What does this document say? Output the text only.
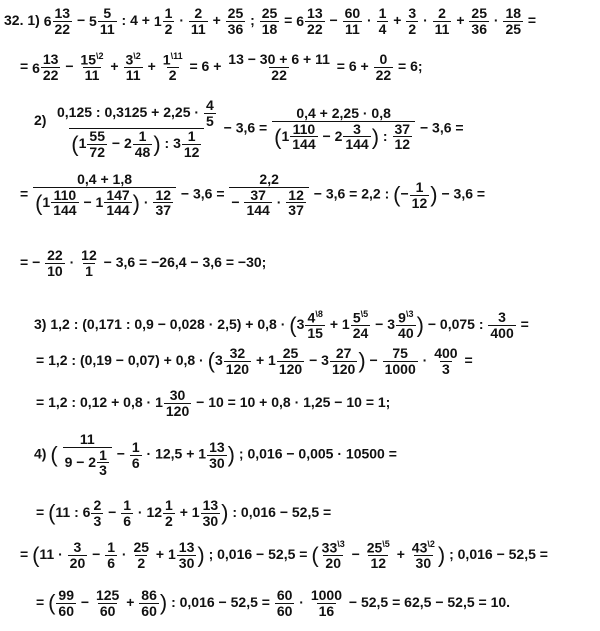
32. 1) 6
13
22
− 5
5
11
: 4 + 1
1
2
· $\frac{2}{11} + \frac{25}{36}$ ; $\frac{25}{18} = 6$
13
22
− $\frac{60}{11} \cdot \frac{1}{4} + \frac{3}{2} \cdot \frac{2}{11} + \frac{25}{36} \cdot \frac{18}{25}$ =
= 6
13
22
− $\frac{15^{\backslash 2}}{11} + \frac{3^{\backslash 2}}{11} + \frac{1^{\backslash 11}}{2} = 6 + \frac{13 - 30 + 6 + 11}{22} = 6 + \frac{0}{22} = 6$;
$2) \frac{0,125 : 0,3125 + 2,25 \cdot \frac{4}{5}}{(1 \frac{55}{72} - 2 \frac{1}{48} ) : 3 \frac{1}{12}} - 3,6 = \frac{0,4 + 2,25 \cdot 0,8}{(1 \frac{110}{144} - 2 \frac{3}{144} ) : \frac{37}{12}} - 3,6$ =
= $\frac{0,4 + 1,8}{(1 \frac{110}{144} - 1 \frac{147}{144} ) \cdot \frac{12}{37}} - 3,6 = \frac{2,2}{- \frac{37}{144} \cdot \frac{12}{37}} - 3,6 = 2,2$ : (− $\frac{1}{12}$ ) − 3,6 =
= − $\frac{22}{10} \cdot \frac{12}{1} - 3,6 = -26,4 - 3,6 = -30$;
3) 1,2 : (0,171 : $0,9 - 0,028 \cdot 2,5) + 0,8 \cdot (3 \frac{4^{\backslash 8}}{15} + 1 \frac{5^{\backslash 5}}{24} - 3 \frac{9^{\backslash 3}}{40}$ ) − 0,075 : $\frac{3}{400}$ =
= 1,2 : $(0,19 - 0,07) + 0,8 \cdot (3 \frac{32}{120} + 1 \frac{25}{120} - 3 \frac{27}{120}$ ) − $\frac{75}{1000} \cdot \frac{400}{3}$ =
= 1,2 : $0,12 + 0,8 \cdot 1 \frac{30}{120} - 10 = 10 + 0,8 \cdot 1,25 - 10 = 1$;
4) ( $\frac{11}{9 - 2 \frac{1}{3}} - \frac{1}{6} \cdot 12,5 + 1 \frac{13}{30}$ ) ; 0,016 − 0,005 · 10500 =
= (11 : $6 \frac{2}{3} - \frac{1}{6} \cdot 12 \frac{1}{2} + 1 \frac{13}{30}$ ) : 0,016 − 52,5 =
= ($11 \cdot \frac{3}{20} - \frac{1}{6} \cdot \frac{25}{2} + 1 \frac{13}{30}$ ) ; 0,016 − 52,5 = ( $\frac{33^{\backslash 3}}{20} - \frac{25^{\backslash 5}}{12} + \frac{43^{\backslash 2}}{30}$ ) ; 0,016 − 52,5 =
= ( $\frac{99}{60} - \frac{125}{60} + \frac{86}{60}$ ) : $0,016 - 52,5 = \frac{60}{60} \cdot \frac{1000}{16} - 52,5 = 62,5 - 52,5 = 10$.
